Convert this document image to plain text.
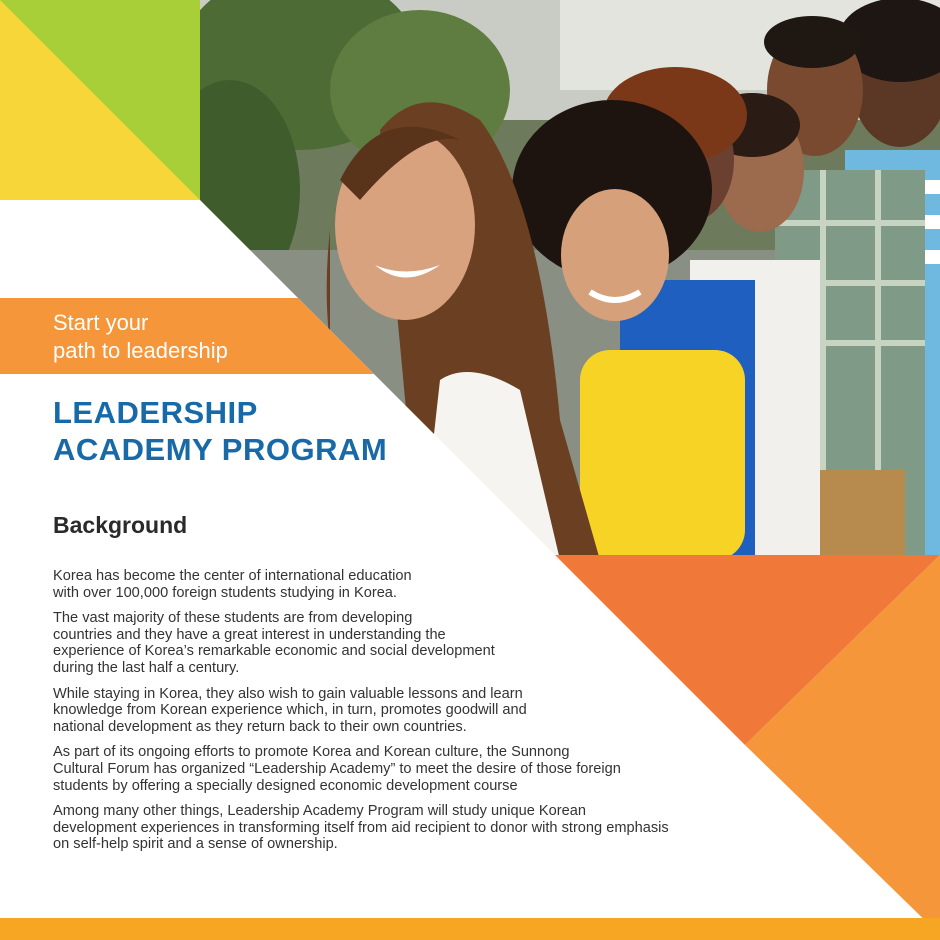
Start your
path to leadership
LEADERSHIP
ACADEMY PROGRAM
Background

Korea has become the center of international education
with over 100,000 foreign students studying in Korea.

The vast majority of these students are from developing
countries and they have a great interest in understanding the
experience of Korea’s remarkable economic and social development
during the last half a century.

While staying in Korea, they also wish to gain valuable lessons and learn
knowledge from Korean experience which, in turn, promotes goodwill and
national development as they return back to their own countries.

As part of its ongoing efforts to promote Korea and Korean culture, the Sunnong
Cultural Forum has organized “Leadership Academy” to meet the desire of those foreign
students by offering a specially designed economic development course

Among many other things, Leadership Academy Program will study unique Korean
development experiences in transforming itself from aid recipient to donor with strong emphasis
on self-help spirit and a sense of ownership.
